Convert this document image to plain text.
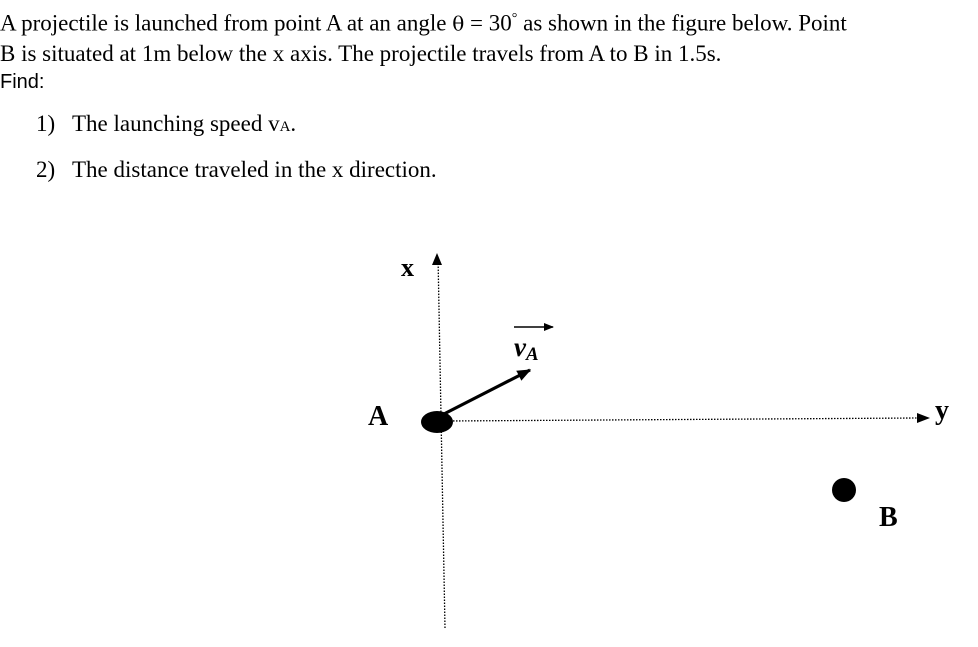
A projectile is launched from point A at an angle θ = 30° as shown in the figure below. Point

B is situated at 1m below the x axis. The projectile travels from A to B in 1.5s.

Find:

1) The launching speed vA.
2) The distance traveled in the x direction.
x
y
A
B
vA
